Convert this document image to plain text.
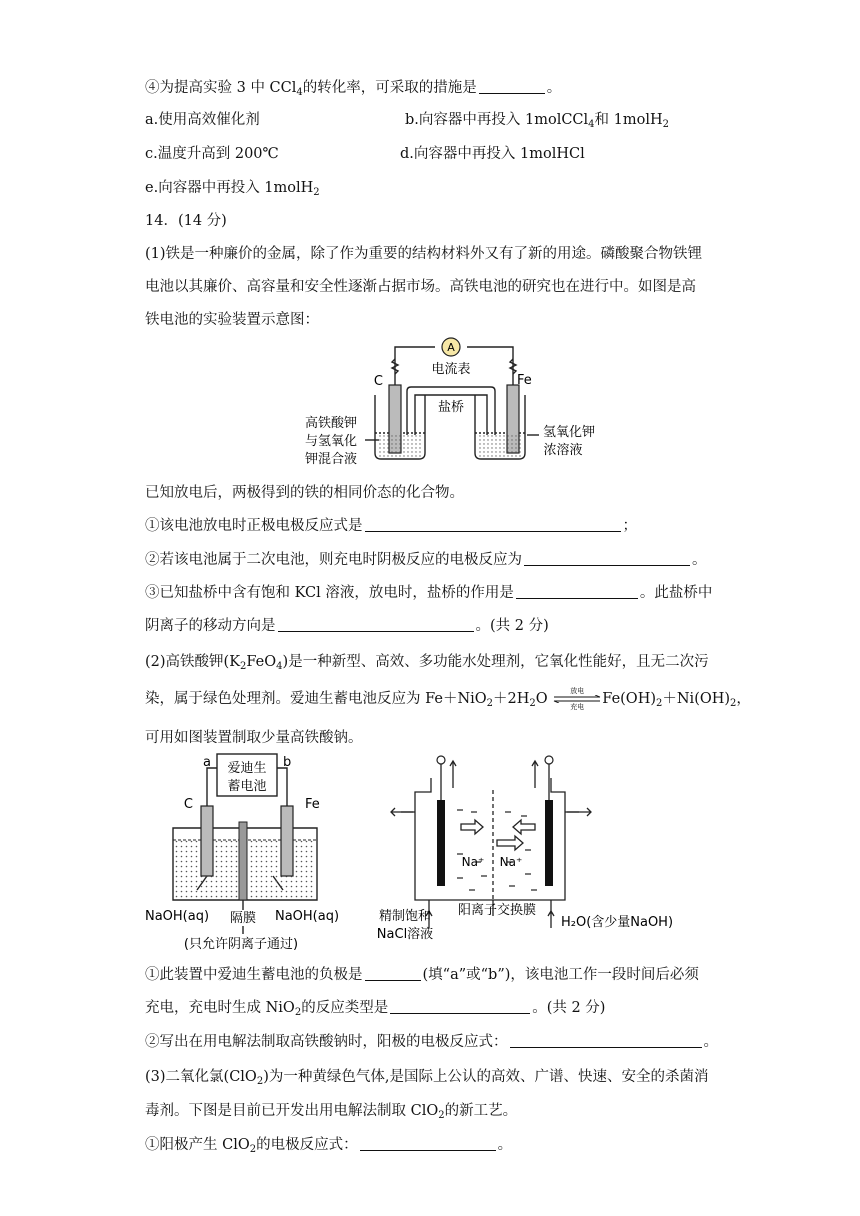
④为提高实验 3 中 CCl$_4$的转化率，可采取的措施是	。
a.使用高效催化剂	b.向容器中再投入 1molCCl$_4$和 1molH$_2$
c.温度升高到 200℃	d.向容器中再投入 1molHCl
e.向容器中再投入 1molH$_2$
14．(14 分)
(1)铁是一种廉价的金属，除了作为重要的结构材料外又有了新的用途。磷酸聚合物铁锂
电池以其廉价、高容量和安全性逐渐占据市场。高铁电池的研究也在进行中。如图是高
铁电池的实验装置示意图：
A
电流表
C	Fe
盐桥
高铁酸钾
与氢氧化
钾混合液
氢氧化钾
浓溶液
已知放电后，两极得到的铁的相同价态的化合物。
①该电池放电时正极电极反应式是	；
②若该电池属于二次电池，则充电时阴极反应的电极反应为	。
③已知盐桥中含有饱和 KCl 溶液，放电时，盐桥的作用是	。此盐桥中
阴离子的移动方向是	。(共 2 分)
(2)高铁酸钾$(K_2FeO_4)$是一种新型、高效、多功能水处理剂，它氧化性能好，且无二次污
染，属于绿色处理剂。爱迪生蓄电池反应为 $Fe+NiO_2+2H_2O$	放电
充电	$Fe(OH)_2+Ni(OH)_2$，
可用如图装置制取少量高铁酸钠。
a	b
爱迪生
蓄电池
C	Fe
NaOH(aq) 隔膜 NaOH(aq)
(只允许阴离子通过)
Na⁺ Na⁺
精制饱和
NaCl溶液
阳离子交换膜
H₂O(含少量NaOH)
①此装置中爱迪生蓄电池的负极是	(填“a”或“b”)，该电池工作一段时间后必须
充电，充电时生成 NiO$_2$的反应类型是	。(共 2 分)
②写出在用电解法制取高铁酸钠时，阳极的电极反应式：	。
(3)二氧化氯(ClO$_2$)为一种黄绿色气体,是国际上公认的高效、广谱、快速、安全的杀菌消
毒剂。下图是目前已开发出用电解法制取 ClO$_2$的新工艺。
①阳极产生 ClO$_2$的电极反应式：	。
